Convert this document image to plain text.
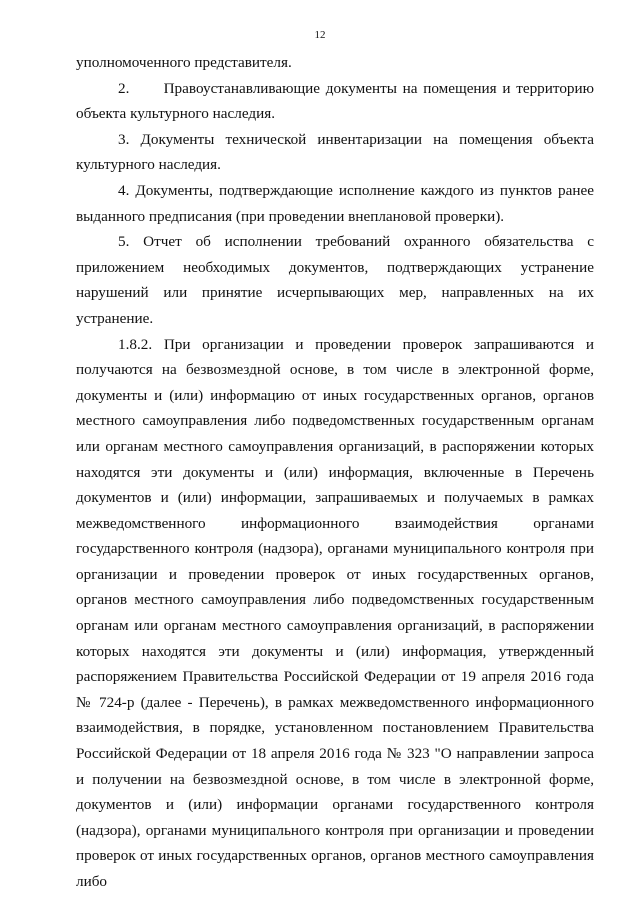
12

уполномоченного представителя.

2.      Правоустанавливающие документы на помещения и территорию объекта культурного наследия.

3. Документы технической инвентаризации на помещения объекта культурного наследия.

4. Документы, подтверждающие исполнение каждого из пунктов ранее выданного предписания (при проведении внеплановой проверки).

5. Отчет об исполнении требований охранного обязательства с приложением необходимых документов, подтверждающих устранение нарушений или принятие исчерпывающих мер, направленных на их устранение.

1.8.2. При организации и проведении проверок запрашиваются и получаются на безвозмездной основе, в том числе в электронной форме, документы и (или) информацию от иных государственных органов, органов местного самоуправления либо подведомственных государственным органам или органам местного самоуправления организаций, в распоряжении которых находятся эти документы и (или) информация, включенные в Перечень документов и (или) информации, запрашиваемых и получаемых в рамках межведомственного информационного взаимодействия органами государственного контроля (надзора), органами муниципального контроля при организации и проведении проверок от иных государственных органов, органов местного самоуправления либо подведомственных государственным органам или органам местного самоуправления организаций, в распоряжении которых находятся эти документы и (или) информация, утвержденный распоряжением Правительства Российской Федерации от 19 апреля 2016 года № 724-р (далее - Перечень), в рамках межведомственного информационного взаимодействия, в порядке, установленном постановлением Правительства Российской Федерации от 18 апреля 2016 года № 323 "О направлении запроса и получении на безвозмездной основе, в том числе в электронной форме, документов и (или) информации органами государственного контроля (надзора), органами муниципального контроля при организации и проведении проверок от иных государственных органов, органов местного самоуправления либо
